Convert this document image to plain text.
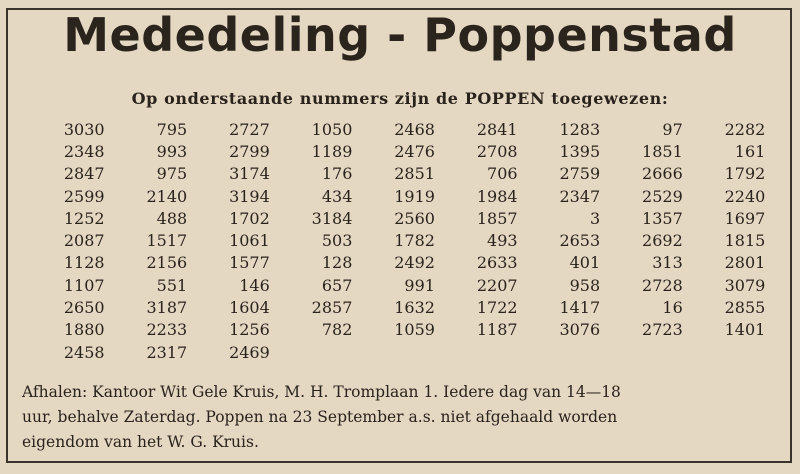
Mededeling - Poppenstad
Op onderstaande nummers zijn de POPPEN toegewezen:
3030	795	2727	1050	2468	2841	1283	97	2282
2348	993	2799	1189	2476	2708	1395	1851	161
2847	975	3174	176	2851	706	2759	2666	1792
2599	2140	3194	434	1919	1984	2347	2529	2240
1252	488	1702	3184	2560	1857	3	1357	1697
2087	1517	1061	503	1782	493	2653	2692	1815
1128	2156	1577	128	2492	2633	401	313	2801
1107	551	146	657	991	2207	958	2728	3079
2650	3187	1604	2857	1632	1722	1417	16	2855
1880	2233	1256	782	1059	1187	3076	2723	1401
2458	2317	2469

Afhalen: Kantoor Wit Gele Kruis, M. H. Tromplaan 1. Iedere dag van 14—18

uur, behalve Zaterdag. Poppen na 23 September a.s. niet afgehaald worden

eigendom van het W. G. Kruis.
